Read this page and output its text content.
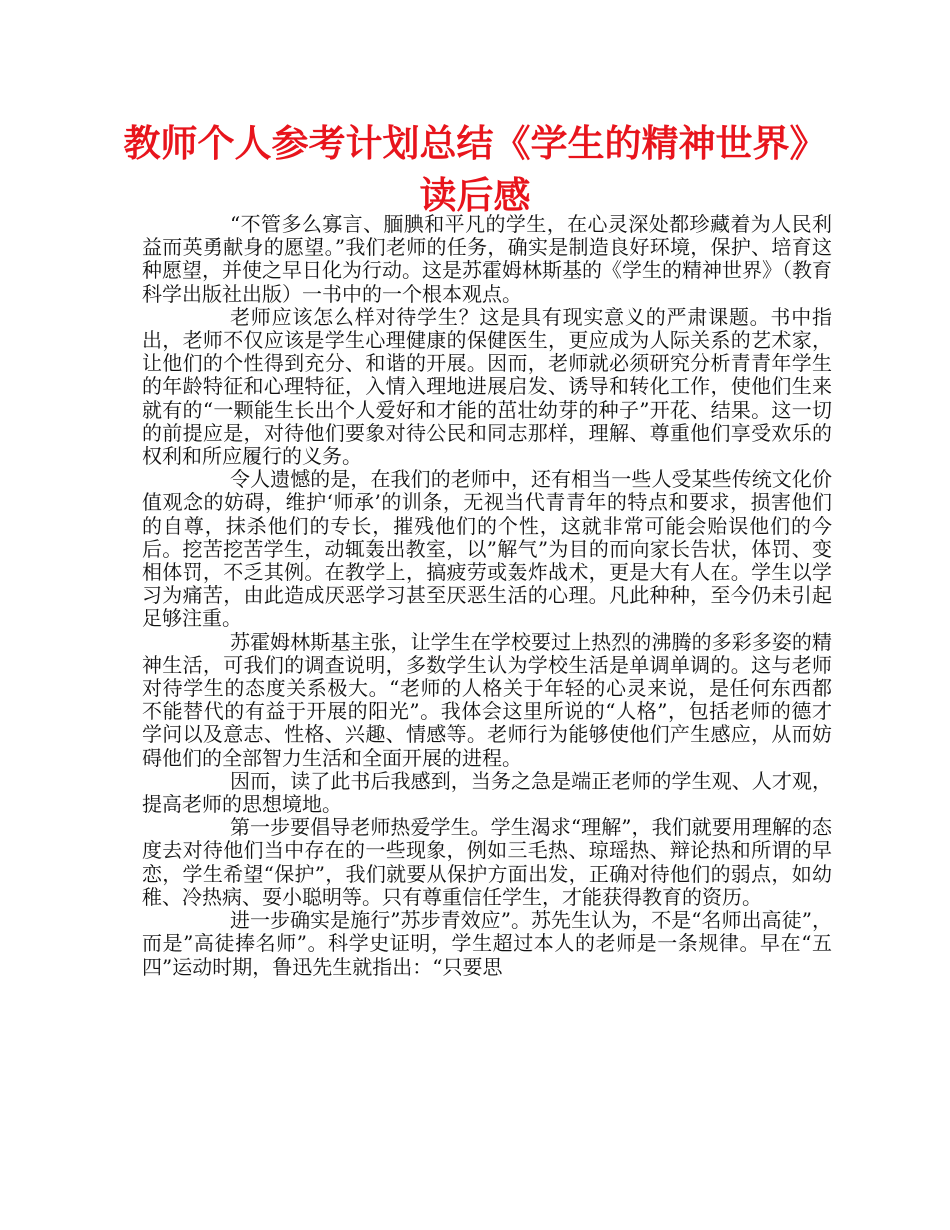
教师个人参考计划总结《学生的精神世界》读后感

“不管多么寡言、腼腆和平凡的学生，在心灵深处都珍藏着为人民利益而英勇献身的愿望。”我们老师的任务，确实是制造良好环境，保护、培育这种愿望，并使之早日化为行动。这是苏霍姆林斯基的《学生的精神世界》（教育科学出版社出版）一书中的一个根本观点。

老师应该怎么样对待学生？这是具有现实意义的严肃课题。书中指出，老师不仅应该是学生心理健康的保健医生，更应成为人际关系的艺术家，让他们的个性得到充分、和谐的开展。因而，老师就必须研究分析青青年学生的年龄特征和心理特征，入情入理地进展启发、诱导和转化工作，使他们生来就有的“一颗能生长出个人爱好和才能的茁壮幼芽的种子”开花、结果。这一切的前提应是，对待他们要象对待公民和同志那样，理解、尊重他们享受欢乐的权利和所应履行的义务。

令人遗憾的是，在我们的老师中，还有相当一些人受某些传统文化价值观念的妨碍，维护‘师承’的训条，无视当代青青年的特点和要求，损害他们的自尊，抹杀他们的专长，摧残他们的个性，这就非常可能会贻误他们的今后。挖苦挖苦学生，动辄轰出教室，以”解气”为目的而向家长告状，体罚、变相体罚，不乏其例。在教学上，搞疲劳或轰炸战术，更是大有人在。学生以学习为痛苦，由此造成厌恶学习甚至厌恶生活的心理。凡此种种，至今仍未引起足够注重。

苏霍姆林斯基主张，让学生在学校要过上热烈的沸腾的多彩多姿的精神生活，可我们的调查说明，多数学生认为学校生活是单调单调的。这与老师对待学生的态度关系极大。“老师的人格关于年轻的心灵来说，是任何东西都不能替代的有益于开展的阳光”。我体会这里所说的“人格”，包括老师的德才学问以及意志、性格、兴趣、情感等。老师行为能够使他们产生感应，从而妨碍他们的全部智力生活和全面开展的进程。

因而，读了此书后我感到，当务之急是端正老师的学生观、人才观，提高老师的思想境地。

第一步要倡导老师热爱学生。学生渴求“理解”，我们就要用理解的态度去对待他们当中存在的一些现象，例如三毛热、琼瑶热、辩论热和所谓的早恋，学生希望“保护”，我们就要从保护方面出发，正确对待他们的弱点，如幼稚、冷热病、耍小聪明等。只有尊重信任学生，才能获得教育的资历。

进一步确实是施行”苏步青效应”。苏先生认为，不是“名师出高徒”，而是”高徒捧名师”。科学史证明，学生超过本人的老师是一条规律。早在“五四”运动时期，鲁迅先生就指出：“只要思
